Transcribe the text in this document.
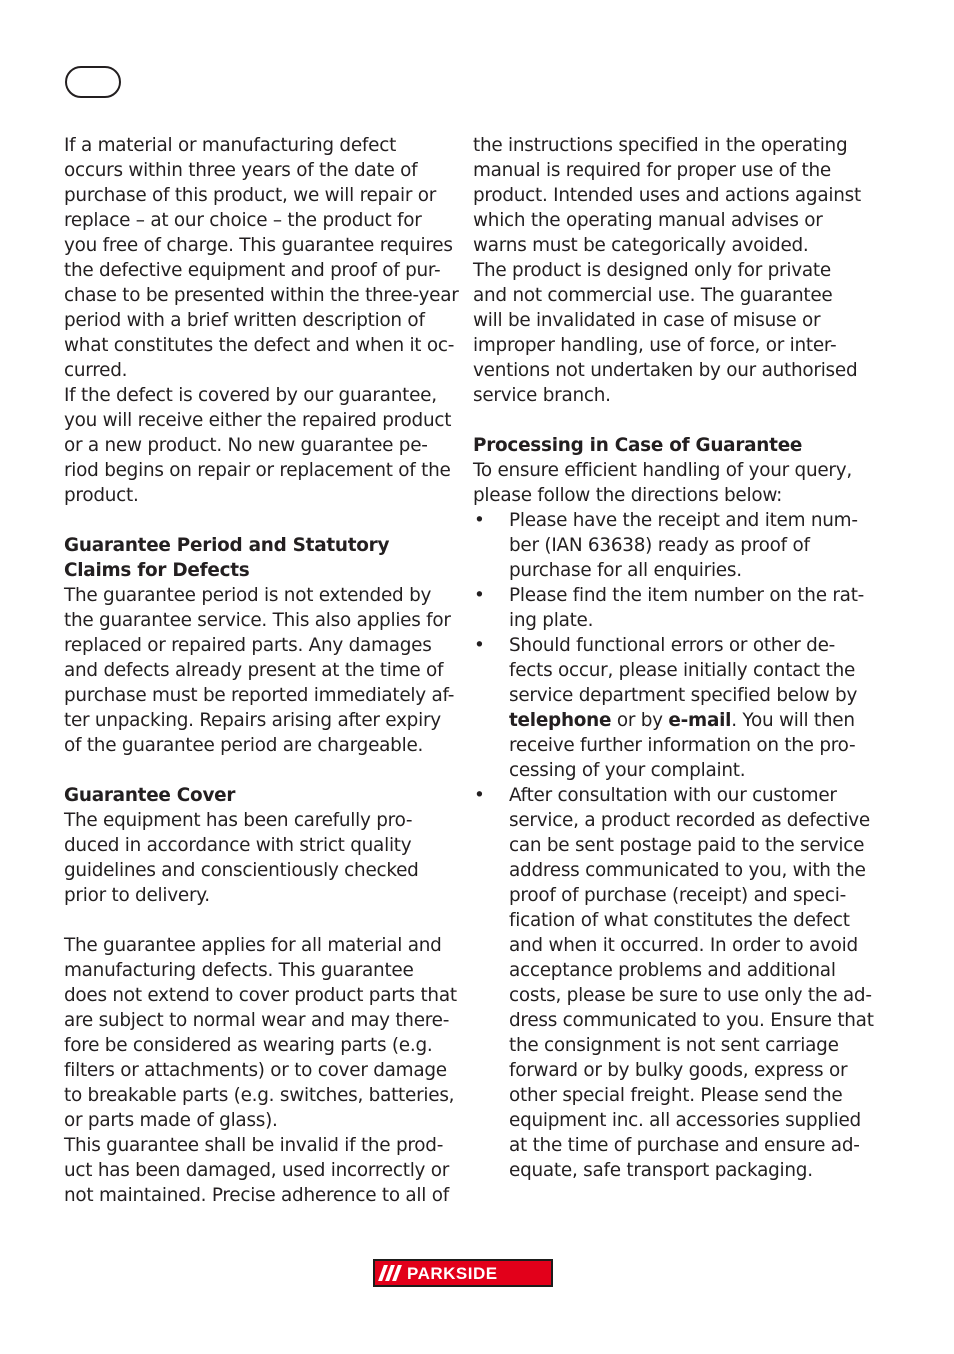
If a material or manufacturing defect

occurs within three years of the date of

purchase of this product, we will repair or

replace – at our choice – the product for

you free of charge. This guarantee requires

the defective equipment and proof of pur-

chase to be presented within the three-year

period with a brief written description of

what constitutes the defect and when it oc-

curred.

If the defect is covered by our guarantee,

you will receive either the repaired product

or a new product. No new guarantee pe-

riod begins on repair or replacement of the

product.

Guarantee Period and Statutory
Claims for Defects

The guarantee period is not extended by

the guarantee service. This also applies for

replaced or repaired parts. Any damages

and defects already present at the time of

purchase must be reported immediately af-

ter unpacking. Repairs arising after expiry

of the guarantee period are chargeable.

Guarantee Cover

The equipment has been carefully pro-

duced in accordance with strict quality

guidelines and conscientiously checked

prior to delivery.

The guarantee applies for all material and

manufacturing defects. This guarantee

does not extend to cover product parts that

are subject to normal wear and may there-

fore be considered as wearing parts (e.g.

filters or attachments) or to cover damage

to breakable parts (e.g. switches, batteries,

or parts made of glass).

This guarantee shall be invalid if the prod-

uct has been damaged, used incorrectly or

not maintained. Precise adherence to all of

the instructions specified in the operating

manual is required for proper use of the

product. Intended uses and actions against

which the operating manual advises or

warns must be categorically avoided.

The product is designed only for private

and not commercial use. The guarantee

will be invalidated in case of misuse or

improper handling, use of force, or inter-

ventions not undertaken by our authorised

service branch.

Processing in Case of Guarantee

To ensure efficient handling of your query,

please follow the directions below:

• Please have the receipt and item num-
ber (IAN 63638) ready as proof of
purchase for all enquiries.
• Please find the item number on the rat-
ing plate.
• Should functional errors or other de-
fects occur, please initially contact the
service department specified below by
telephone or by e-mail. You will then
receive further information on the pro-
cessing of your complaint.
• After consultation with our customer
service, a product recorded as defective
can be sent postage paid to the service
address communicated to you, with the
proof of purchase (receipt) and speci-
fication of what constitutes the defect
and when it occurred. In order to avoid
acceptance problems and additional
costs, please be sure to use only the ad-
dress communicated to you. Ensure that
the consignment is not sent carriage
forward or by bulky goods, express or
other special freight. Please send the
equipment inc. all accessories supplied
at the time of purchase and ensure ad-
equate, safe transport packaging.
PARKSIDE
